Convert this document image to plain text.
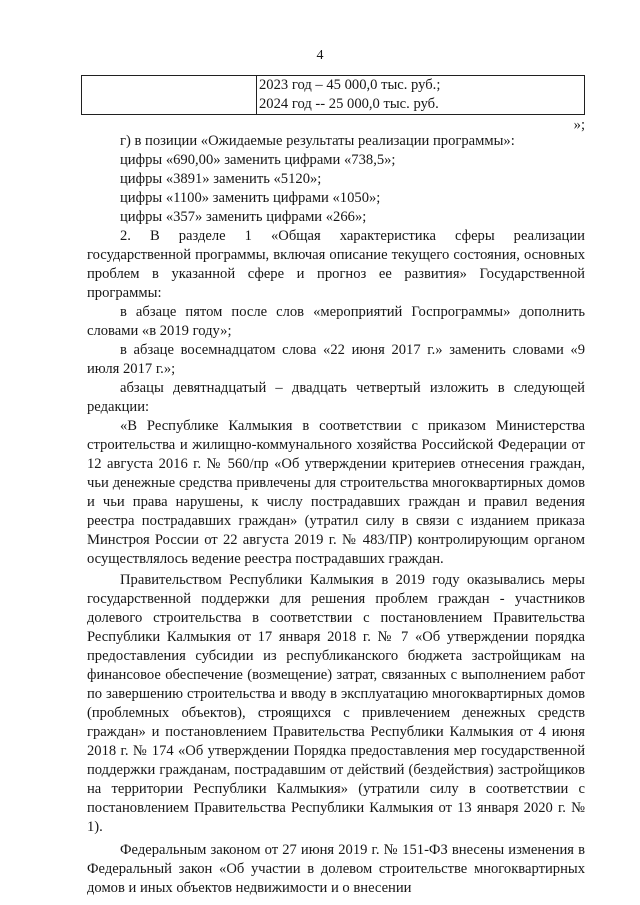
4

2023 год – 45 000,0 тыс. руб.;
2024 год -- 25 000,0 тыс. руб.
»;

г) в позиции «Ожидаемые результаты реализации программы»:

цифры «690,00» заменить цифрами «738,5»;

цифры «3891» заменить «5120»;

цифры «1100» заменить цифрами «1050»;

цифры «357» заменить цифрами «266»;

2. В разделе 1 «Общая характеристика сферы реализации государственной программы, включая описание текущего состояния, основных проблем в указанной сфере и прогноз ее развития» Государственной программы:

в абзаце пятом после слов «мероприятий Госпрограммы» дополнить словами «в 2019 году»;

в абзаце восемнадцатом слова «22 июня 2017 г.» заменить словами «9 июля 2017 г.»;

абзацы девятнадцатый – двадцать четвертый изложить в следующей редакции:

«В Республике Калмыкия в соответствии с приказом Министерства строительства и жилищно-коммунального хозяйства Российской Федерации от 12 августа 2016 г. № 560/пр «Об утверждении критериев отнесения граждан, чьи денежные средства привлечены для строительства многоквартирных домов и чьи права нарушены, к числу пострадавших граждан и правил ведения реестра пострадавших граждан» (утратил силу в связи с изданием приказа Минстроя России от 22 августа 2019 г. № 483/ПР) контролирующим органом осуществлялось ведение реестра пострадавших граждан.

Правительством Республики Калмыкия в 2019 году оказывались меры государственной поддержки для решения проблем граждан - участников долевого строительства в соответствии с постановлением Правительства Республики Калмыкия от 17 января 2018 г. № 7 «Об утверждении порядка предоставления субсидии из республиканского бюджета застройщикам на финансовое обеспечение (возмещение) затрат, связанных с выполнением работ по завершению строительства и вводу в эксплуатацию многоквартирных домов (проблемных объектов), строящихся с привлечением денежных средств граждан» и постановлением Правительства Республики Калмыкия от 4 июня 2018 г. № 174 «Об утверждении Порядка предоставления мер государственной поддержки гражданам, пострадавшим от действий (бездействия) застройщиков на территории Республики Калмыкия» (утратили силу в соответствии с постановлением Правительства Республики Калмыкия от 13 января 2020 г. № 1).

Федеральным законом от 27 июня 2019 г. № 151-ФЗ внесены изменения в Федеральный закон «Об участии в долевом строительстве многоквартирных домов и иных объектов недвижимости и о внесении
